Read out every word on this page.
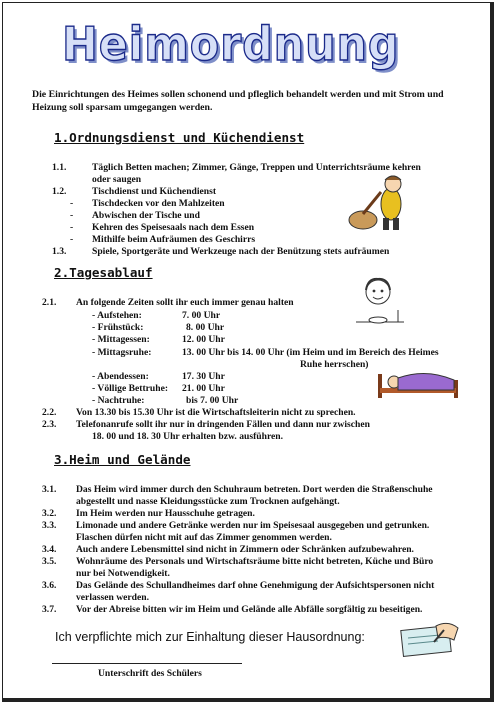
Heimordnung
Die Einrichtungen des Heimes sollen schonend und pfleglich behandelt werden und mit Strom und Heizung soll sparsam umgegangen werden.
1.Ordnungsdienst und Küchendienst
1.1.	Täglich Betten machen; Zimmer, Gänge, Treppen und Unterrichtsräume kehren
oder saugen
1.2.	Tischdienst und Küchendienst
- Tischdecken vor den Mahlzeiten
- Abwischen der Tische und
- Kehren des Speisesaals nach dem Essen
- Mithilfe beim Aufräumen des Geschirrs
1.3.	Spiele, Sportgeräte und Werkzeuge nach der Benützung stets aufräumen
2.Tagesablauf
2.1. An folgende Zeiten sollt ihr euch immer genau halten
- Aufstehen:	7. 00 Uhr
- Frühstück:	8. 00 Uhr
- Mittagessen:	12. 00 Uhr
- Mittagsruhe:	13. 00 Uhr bis 14. 00 Uhr (im Heim und im Bereich des Heimes
Ruhe herrschen)
- Abendessen:	17. 30 Uhr
- Völlige Bettruhe: 21. 00 Uhr
- Nachtruhe:	bis 7. 00 Uhr
2.2. Von 13.30 bis 15.30 Uhr ist die Wirtschaftsleiterin nicht zu sprechen.
2.3. Telefonanrufe sollt ihr nur in dringenden Fällen und dann nur zwischen
18. 00 und 18. 30 Uhr erhalten bzw. ausführen.
3.Heim und Gelände
3.1. Das Heim wird immer durch den Schuhraum betreten. Dort werden die Straßenschuhe
abgestellt und nasse Kleidungsstücke zum Trocknen aufgehängt.
3.2. Im Heim werden nur Hausschuhe getragen.
3.3. Limonade und andere Getränke werden nur im Speisesaal ausgegeben und getrunken.
Flaschen dürfen nicht mit auf das Zimmer genommen werden.
3.4. Auch andere Lebensmittel sind nicht in Zimmern oder Schränken aufzubewahren.
3.5. Wohnräume des Personals und Wirtschaftsräume bitte nicht betreten, Küche und Büro
nur bei Notwendigkeit.
3.6. Das Gelände des Schullandheimes darf ohne Genehmigung der Aufsichtspersonen nicht
verlassen werden.
3.7. Vor der Abreise bitten wir im Heim und Gelände alle Abfälle sorgfältig zu beseitigen.
Ich verpflichte mich zur Einhaltung dieser Hausordnung:
Unterschrift des Schülers
